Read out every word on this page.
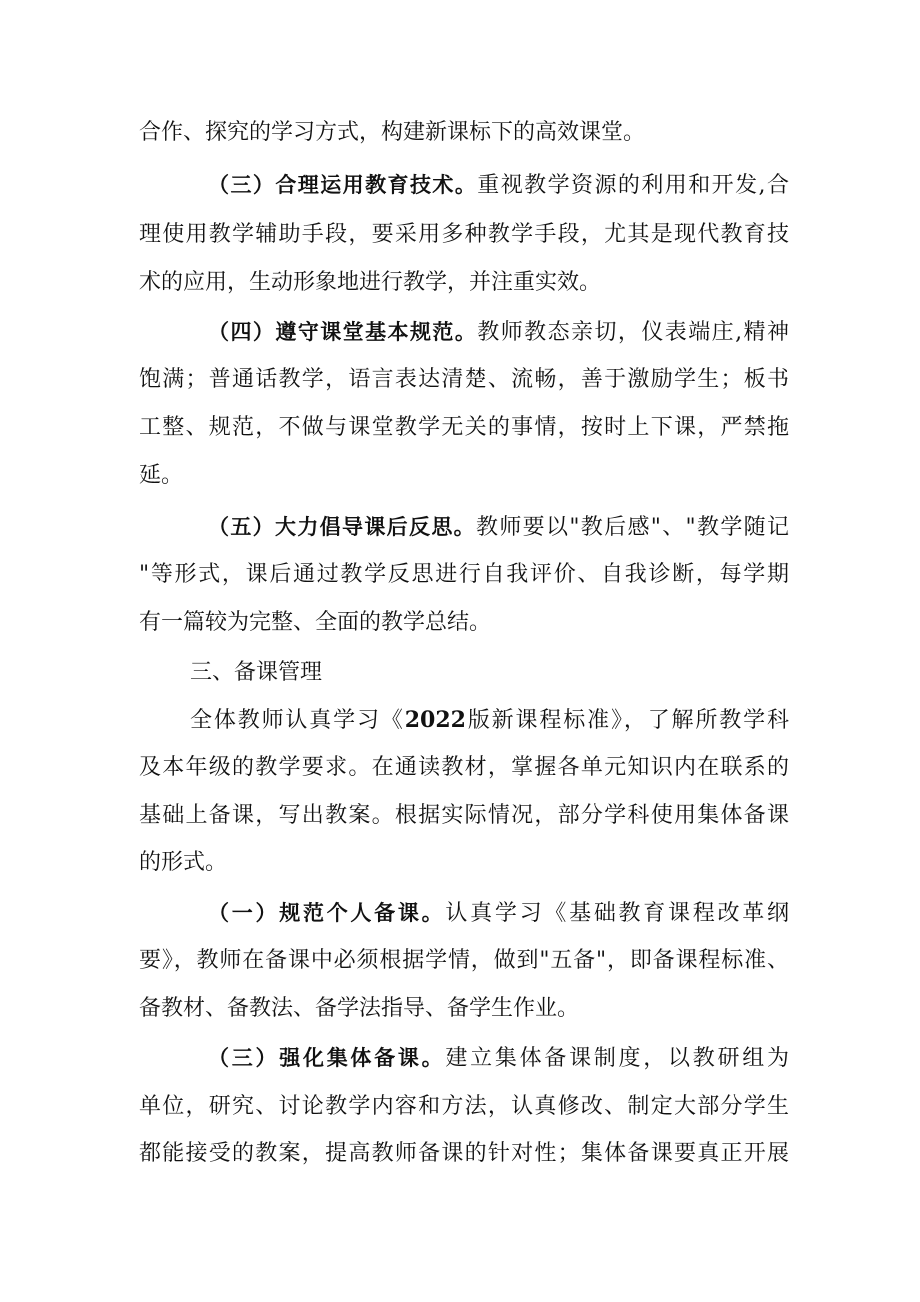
合作、探究的学习方式，构建新课标下的高效课堂。
（三）合理运用教育技术。重视教学资源的利用和开发,合
理使用教学辅助手段，要采用多种教学手段，尤其是现代教育技
术的应用，生动形象地进行教学，并注重实效。
（四）遵守课堂基本规范。教师教态亲切，仪表端庄,精神
饱满；普通话教学，语言表达清楚、流畅，善于激励学生；板书
工整、规范，不做与课堂教学无关的事情，按时上下课，严禁拖
延。
（五）大力倡导课后反思。教师要以"教后感"、"教学随记
"等形式，课后通过教学反思进行自我评价、自我诊断，每学期
有一篇较为完整、全面的教学总结。
三、备课管理
全体教师认真学习《2022版新课程标准》，了解所教学科
及本年级的教学要求。在通读教材，掌握各单元知识内在联系的
基础上备课，写出教案。根据实际情况，部分学科使用集体备课
的形式。
（一）规范个人备课。认真学习《基础教育课程改革纲
要》，教师在备课中必须根据学情，做到"五备"，即备课程标准、
备教材、备教法、备学法指导、备学生作业。
（三）强化集体备课。建立集体备课制度，以教研组为
单位，研究、讨论教学内容和方法，认真修改、制定大部分学生
都能接受的教案，提高教师备课的针对性；集体备课要真正开展
